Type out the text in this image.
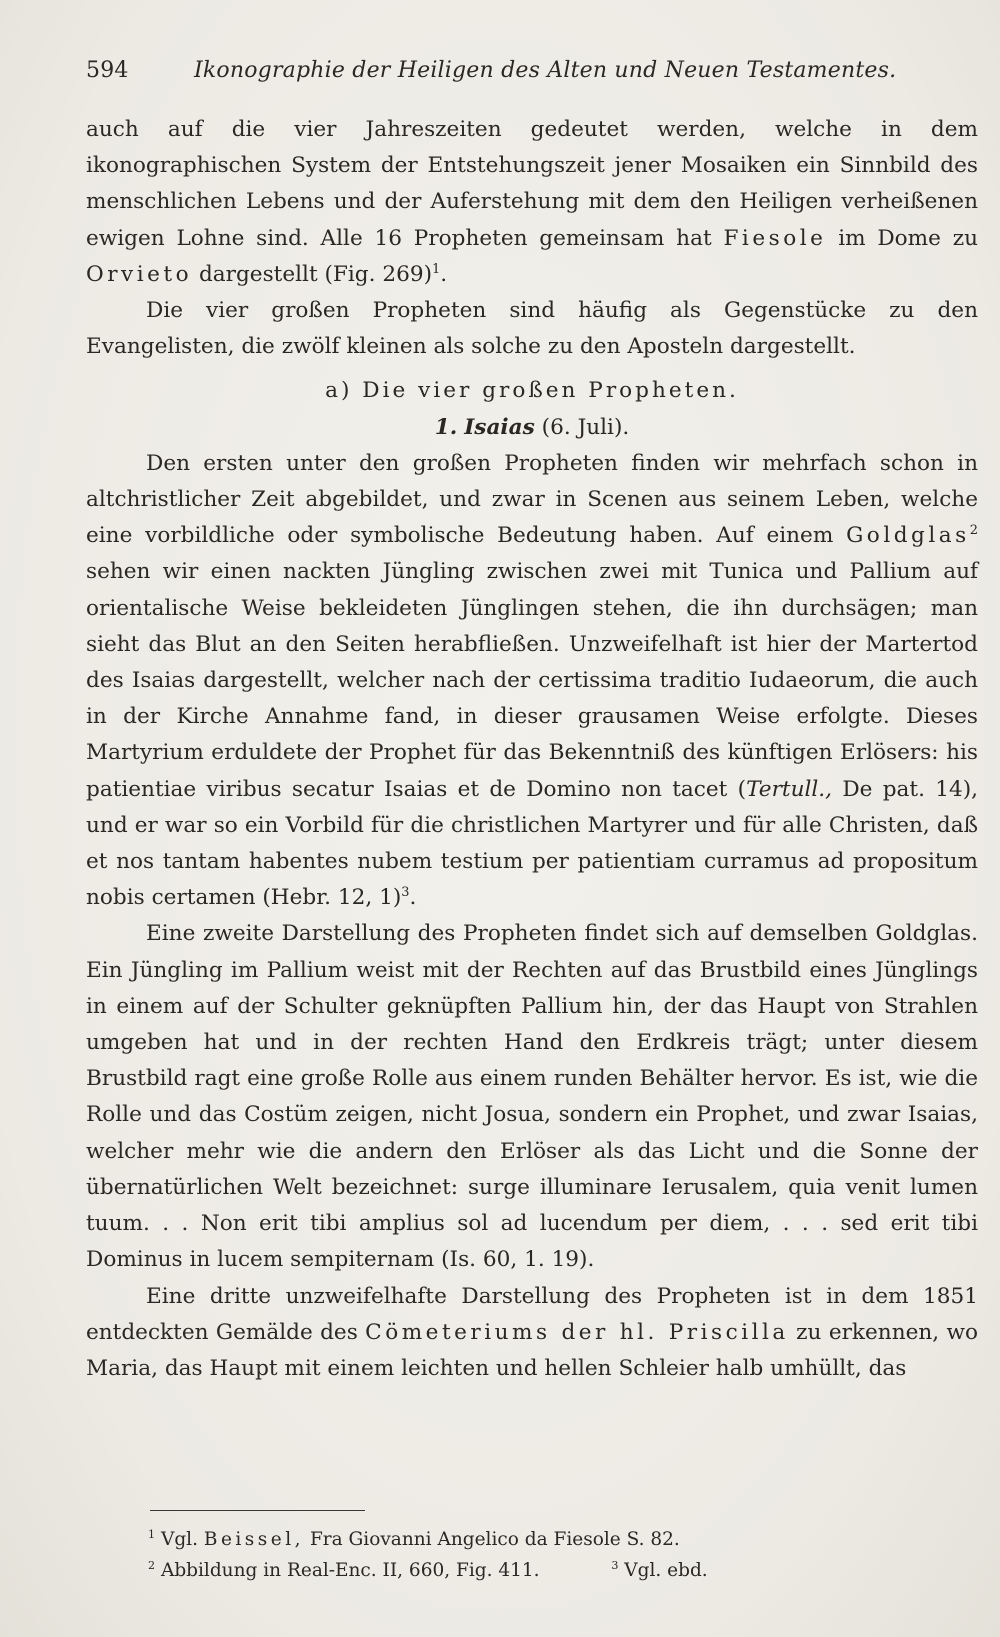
594	Ikonographie der Heiligen des Alten und Neuen Testamentes.

auch auf die vier Jahreszeiten gedeutet werden, welche in dem ikonographischen System der Entstehungszeit jener Mosaiken ein Sinnbild des menschlichen Lebens und der Auferstehung mit dem den Heiligen verheißenen ewigen Lohne sind. Alle 16 Propheten gemeinsam hat Fiesole im Dome zu Orvieto dargestellt (Fig. 269)$^1$.

Die vier großen Propheten sind häufig als Gegenstücke zu den Evangelisten, die zwölf kleinen als solche zu den Aposteln dargestellt.

a) Die vier großen Propheten.

1. Isaias (6. Juli).

Den ersten unter den großen Propheten finden wir mehrfach schon in altchristlicher Zeit abgebildet, und zwar in Scenen aus seinem Leben, welche eine vorbildliche oder symbolische Bedeutung haben. Auf einem Goldglas$^2$ sehen wir einen nackten Jüngling zwischen zwei mit Tunica und Pallium auf orientalische Weise bekleideten Jünglingen stehen, die ihn durchsägen; man sieht das Blut an den Seiten herabfließen. Unzweifelhaft ist hier der Martertod des Isaias dargestellt, welcher nach der certissima traditio Iudaeorum, die auch in der Kirche Annahme fand, in dieser grausamen Weise erfolgte. Dieses Martyrium erduldete der Prophet für das Bekenntniß des künftigen Erlösers: his patientiae viribus secatur Isaias et de Domino non tacet (Tertull., De pat. 14), und er war so ein Vorbild für die christlichen Martyrer und für alle Christen, daß et nos tantam habentes nubem testium per patientiam curramus ad propositum nobis certamen (Hebr. 12, 1)$^3$.

Eine zweite Darstellung des Propheten findet sich auf demselben Goldglas. Ein Jüngling im Pallium weist mit der Rechten auf das Brustbild eines Jünglings in einem auf der Schulter geknüpften Pallium hin, der das Haupt von Strahlen umgeben hat und in der rechten Hand den Erdkreis trägt; unter diesem Brustbild ragt eine große Rolle aus einem runden Behälter hervor. Es ist, wie die Rolle und das Costüm zeigen, nicht Josua, sondern ein Prophet, und zwar Isaias, welcher mehr wie die andern den Erlöser als das Licht und die Sonne der übernatürlichen Welt bezeichnet: surge illuminare Ierusalem, quia venit lumen tuum. . . Non erit tibi amplius sol ad lucendum per diem, . . . sed erit tibi Dominus in lucem sempiternam (Is. 60, 1. 19).

Eine dritte unzweifelhafte Darstellung des Propheten ist in dem 1851 entdeckten Gemälde des Cömeteriums der hl. Priscilla zu erkennen, wo Maria, das Haupt mit einem leichten und hellen Schleier halb umhüllt, das

$^1$ Vgl. Beissel, Fra Giovanni Angelico da Fiesole S. 82.

$^2$ Abbildung in Real-Enc. II, 660, Fig. 411.	$^3$ Vgl. ebd.
